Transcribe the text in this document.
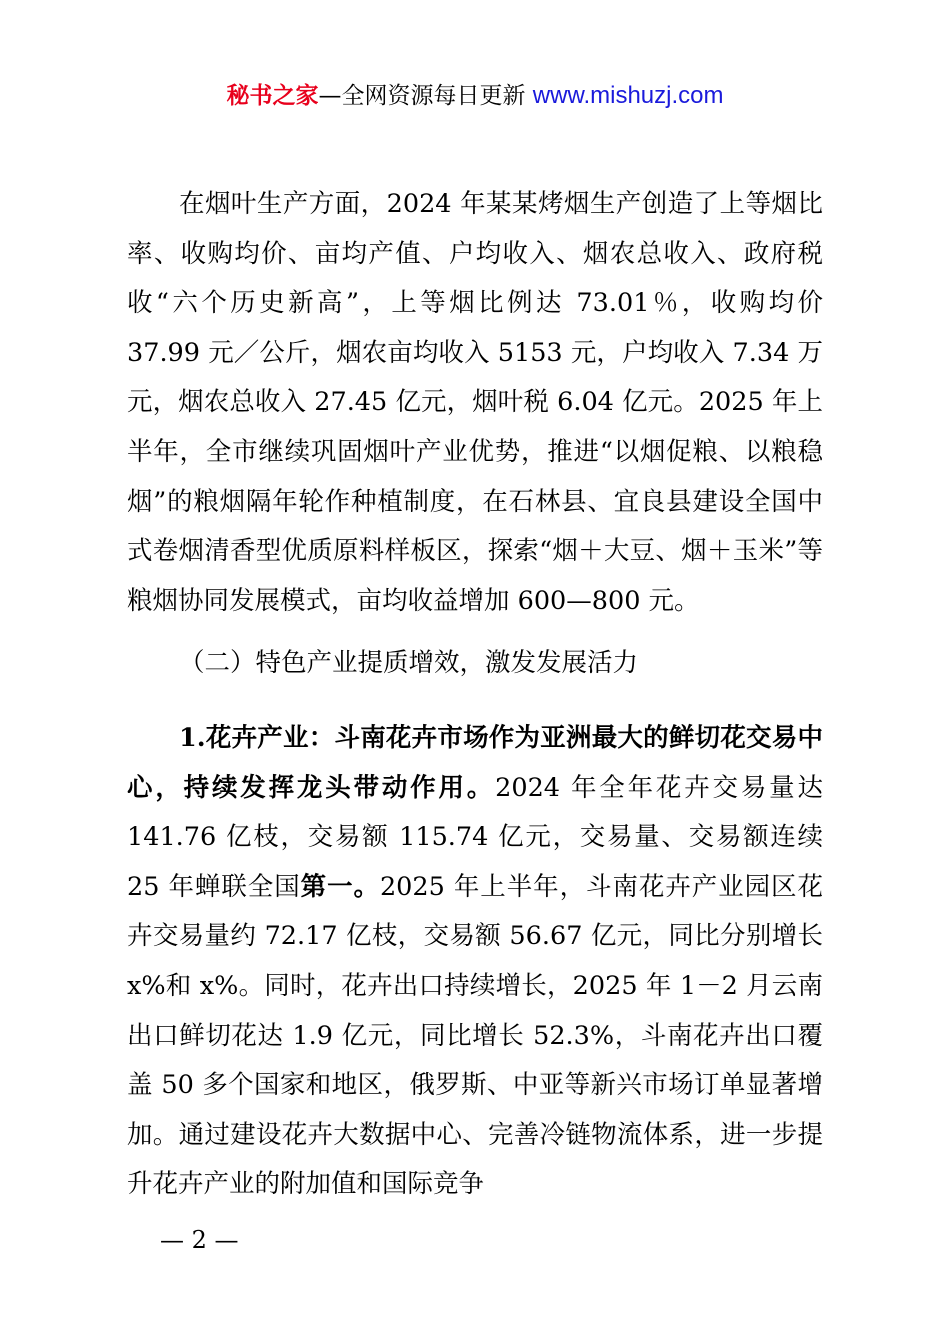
秘书之家—全网资源每日更新 www.mishuzj.com

在烟叶生产方面，2024 年某某烤烟生产创造了上等烟比率、收购均价、亩均产值、户均收入、烟农总收入、政府税收“六个历史新高”，上等烟比例达 73.01％，收购均价 37.99 元／公斤，烟农亩均收入 5153 元，户均收入 7.34 万元，烟农总收入 27.45 亿元，烟叶税 6.04 亿元。2025 年上半年，全市继续巩固烟叶产业优势，推进“以烟促粮、以粮稳烟”的粮烟隔年轮作种植制度，在石林县、宜良县建设全国中式卷烟清香型优质原料样板区，探索“烟＋大豆、烟＋玉米”等粮烟协同发展模式，亩均收益增加 600—800 元。

（二）特色产业提质增效，激发发展活力

1.花卉产业：斗南花卉市场作为亚洲最大的鲜切花交易中心，持续发挥龙头带动作用。2024 年全年花卉交易量达 141.76 亿枝，交易额 115.74 亿元，交易量、交易额连续 25 年蝉联全国第一。2025 年上半年，斗南花卉产业园区花卉交易量约 72.17 亿枝，交易额 56.67 亿元，同比分别增长 x%和 x%。同时，花卉出口持续增长，2025 年 1－2 月云南出口鲜切花达 1.9 亿元，同比增长 52.3%，斗南花卉出口覆盖 50 多个国家和地区，俄罗斯、中亚等新兴市场订单显著增加。通过建设花卉大数据中心、完善冷链物流体系，进一步提升花卉产业的附加值和国际竞争

— 2 —
